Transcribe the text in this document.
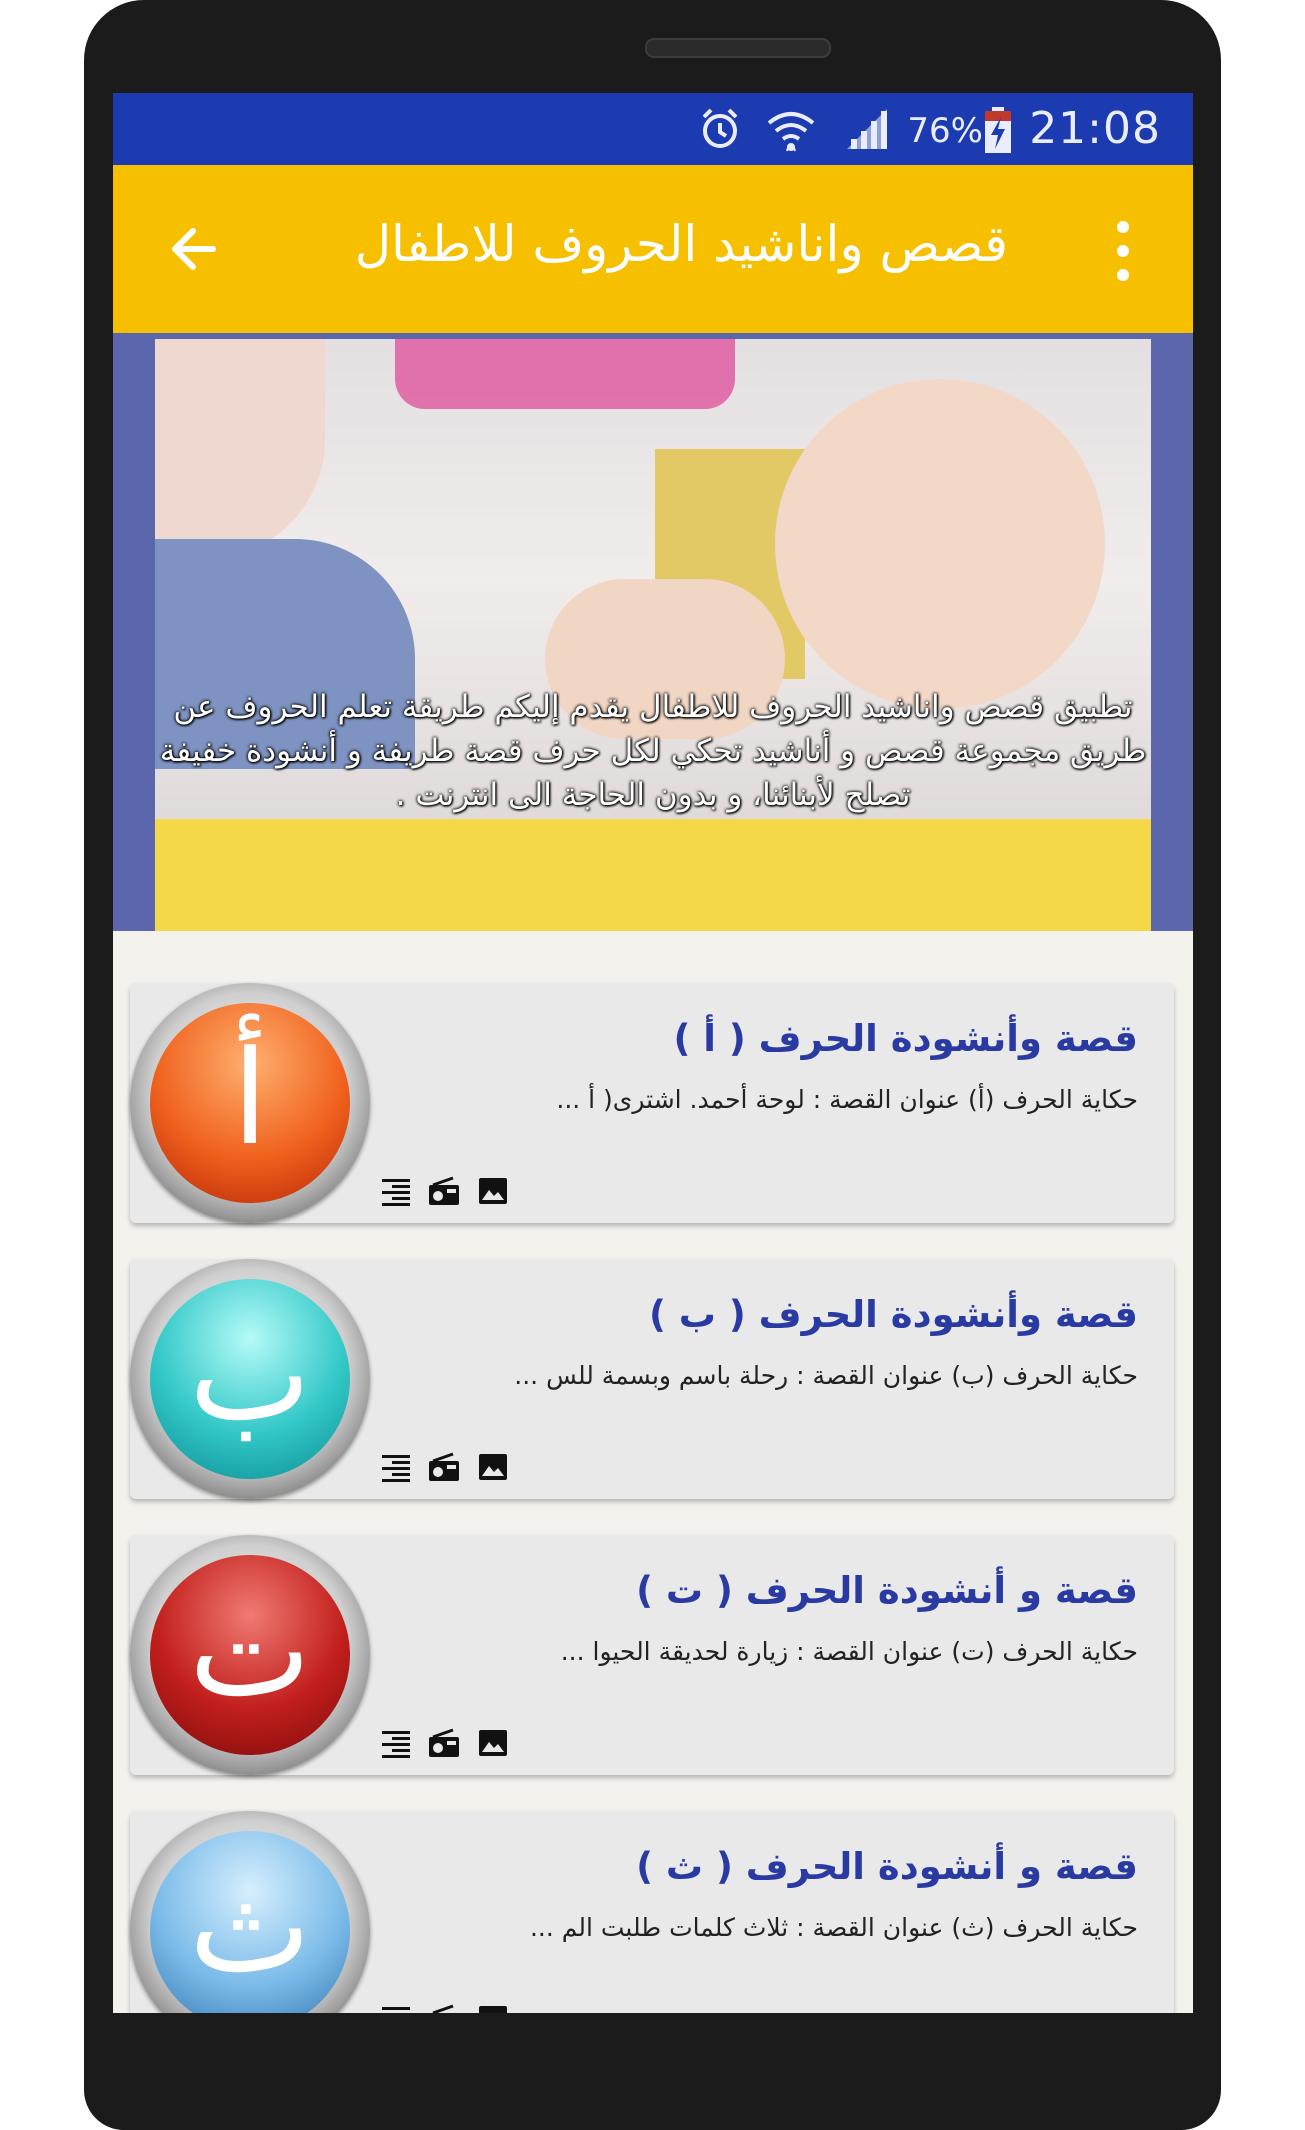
76% 21:08
قصص واناشيد الحروف للاطفال
تطبيق قصص واناشيد الحروف للاطفال يقدم إليكم طريقة تعلم الحروف عن طريق مجموعة قصص و أناشيد تحكي لكل حرف قصة طريفة و أنشودة خفيفة تصلح لأبنائنا، و بدون الحاجة الى انترنت .
أ	قصة وأنشودة الحرف ( أ )
حكاية الحرف (أ) عنوان القصة : لوحة أحمد. اشترى( أ ...

ب	قصة وأنشودة الحرف ( ب )
حكاية الحرف (ب) عنوان القصة : رحلة باسم وبسمة للس ...

ت	قصة و أنشودة الحرف ( ت )
حكاية الحرف (ت) عنوان القصة : زيارة لحديقة الحيوا ...

ث	قصة و أنشودة الحرف ( ث )
حكاية الحرف (ث) عنوان القصة : ثلاث كلمات طلبت الم ...
